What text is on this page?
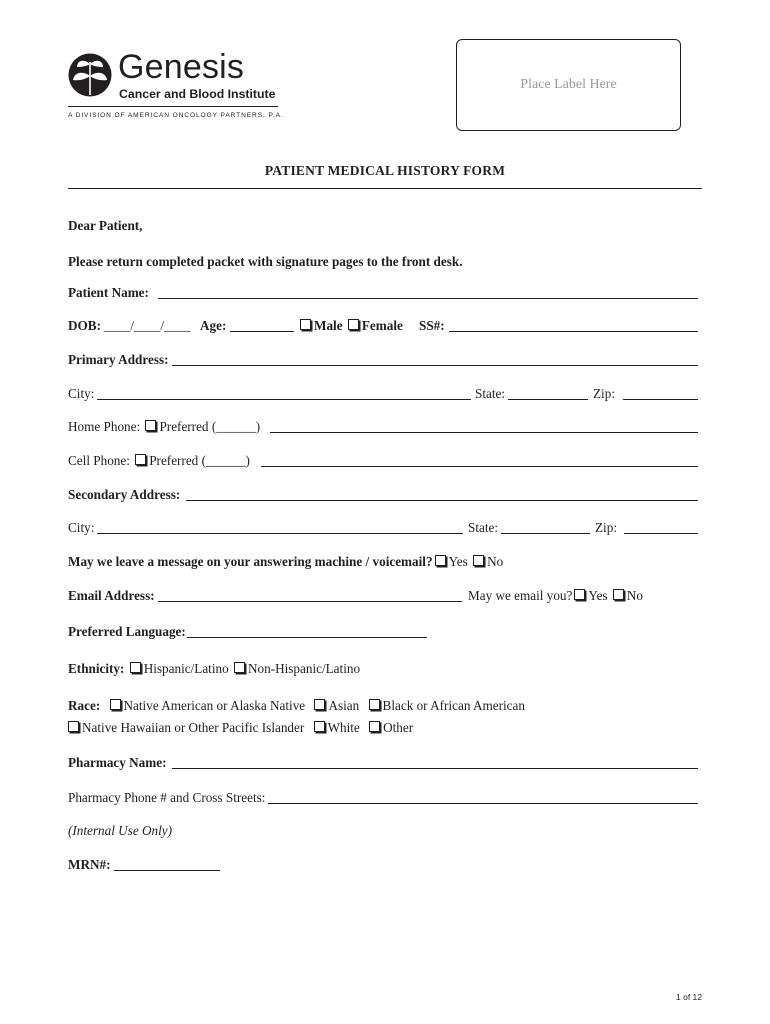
Genesis
Cancer and Blood Institute
A DIVISION OF AMERICAN ONCOLOGY PARTNERS, P.A.
Place Label Here
PATIENT MEDICAL HISTORY FORM
Dear Patient,
Please return completed packet with signature pages to the front desk.
Patient Name:
DOB: ____/____/____ Age:	Male Female SS#:
Primary Address:
City:	State:	Zip:
Home Phone: Preferred (______)
Cell Phone: Preferred (______)
Secondary Address:
City:	State:	Zip:
May we leave a message on your answering machine / voicemail? Yes No
Email Address:	May we email you? Yes No
Preferred Language:
Ethnicity: Hispanic/Latino Non-Hispanic/Latino
Race: Native American or Alaska Native Asian Black or African American
Native Hawaiian or Other Pacific Islander White Other
Pharmacy Name:
Pharmacy Phone # and Cross Streets:
(Internal Use Only)
MRN#:
1 of 12
